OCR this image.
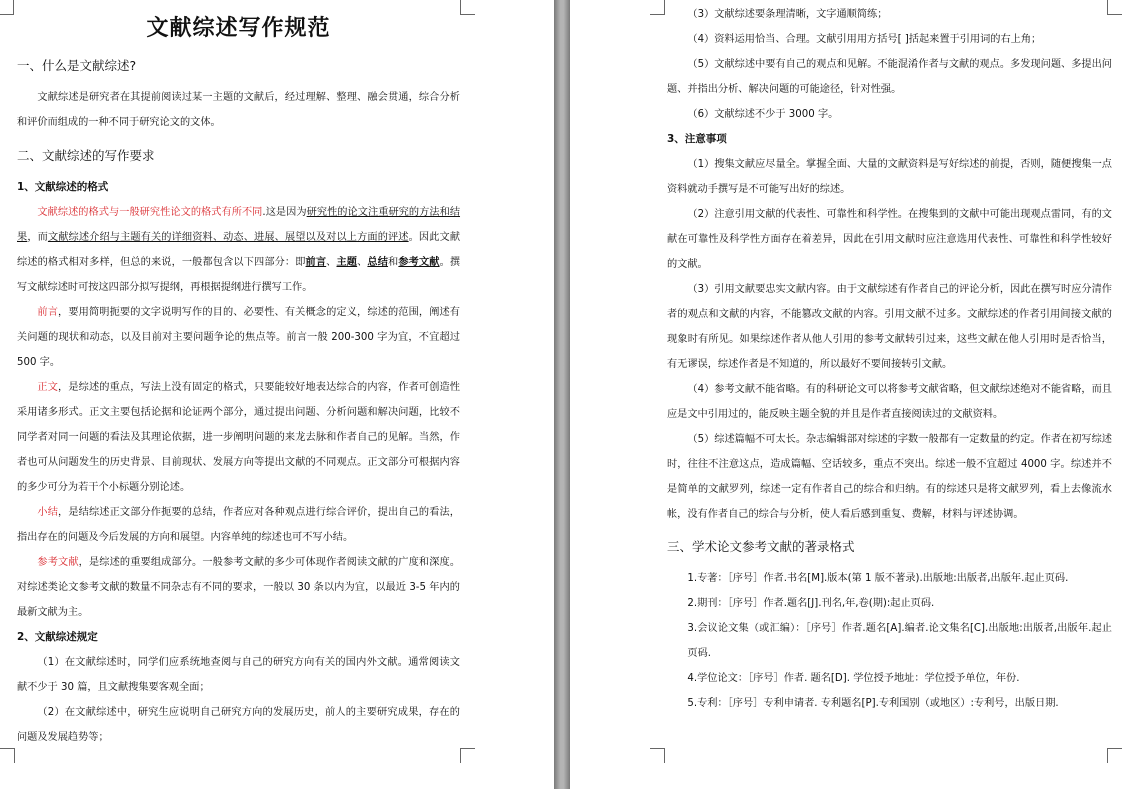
文献综述写作规范
一、什么是文献综述?

文献综述是研究者在其提前阅读过某一主题的文献后，经过理解、整理、融会贯通，综合分析和评价而组成的一种不同于研究论文的文体。

二、文献综述的写作要求
1、文献综述的格式

文献综述的格式与一般研究性论文的格式有所不同.这是因为研究性的论文注重研究的方法和结果，而文献综述介绍与主题有关的详细资料、动态、进展、展望以及对以上方面的评述。因此文献综述的格式相对多样，但总的来说，一般都包含以下四部分：即前言、主题、总结和参考文献。撰写文献综述时可按这四部分拟写提纲，再根据提纲进行撰写工作。

前言，要用简明扼要的文字说明写作的目的、必要性、有关概念的定义，综述的范围，阐述有关问题的现状和动态，以及目前对主要问题争论的焦点等。前言一般 200-300 字为宜，不宜超过 500 字。

正文，是综述的重点，写法上没有固定的格式，只要能较好地表达综合的内容，作者可创造性采用诸多形式。正文主要包括论据和论证两个部分，通过提出问题、分析问题和解决问题，比较不同学者对同一问题的看法及其理论依据，进一步阐明问题的来龙去脉和作者自己的见解。当然，作者也可从问题发生的历史背景、目前现状、发展方向等提出文献的不同观点。正文部分可根据内容的多少可分为若干个小标题分别论述。

小结，是结综述正文部分作扼要的总结，作者应对各种观点进行综合评价，提出自己的看法，指出存在的问题及今后发展的方向和展望。内容单纯的综述也可不写小结。

参考文献，是综述的重要组成部分。一般参考文献的多少可体现作者阅读文献的广度和深度。对综述类论文参考文献的数量不同杂志有不同的要求，一般以 30 条以内为宜，以最近 3-5 年内的最新文献为主。

2、文献综述规定

（1）在文献综述时，同学们应系统地查阅与自己的研究方向有关的国内外文献。通常阅读文献不少于 30 篇，且文献搜集要客观全面；

（2）在文献综述中，研究生应说明自己研究方向的发展历史，前人的主要研究成果，存在的问题及发展趋势等；

（3）文献综述要条理清晰，文字通顺简练；

（4）资料运用恰当、合理。文献引用用方括号[ ]括起来置于引用词的右上角；

（5）文献综述中要有自己的观点和见解。不能混淆作者与文献的观点。多发现问题、多提出问题、并指出分析、解决问题的可能途径，针对性强。

（6）文献综述不少于 3000 字。

3、注意事项

（1）搜集文献应尽量全。掌握全面、大量的文献资料是写好综述的前提，否则，随便搜集一点资料就动手撰写是不可能写出好的综述。

（2）注意引用文献的代表性、可靠性和科学性。在搜集到的文献中可能出现观点雷同，有的文献在可靠性及科学性方面存在着差异，因此在引用文献时应注意选用代表性、可靠性和科学性较好的文献。

（3）引用文献要忠实文献内容。由于文献综述有作者自己的评论分析，因此在撰写时应分清作者的观点和文献的内容，不能篡改文献的内容。引用文献不过多。文献综述的作者引用间接文献的现象时有所见。如果综述作者从他人引用的参考文献转引过来，这些文献在他人引用时是否恰当，有无谬误，综述作者是不知道的，所以最好不要间接转引文献。

（4）参考文献不能省略。有的科研论文可以将参考文献省略，但文献综述绝对不能省略，而且应是文中引用过的，能反映主题全貌的并且是作者直接阅读过的文献资料。

（5）综述篇幅不可太长。杂志编辑部对综述的字数一般都有一定数量的约定。作者在初写综述时，往往不注意这点，造成篇幅、空话较多，重点不突出。综述一般不宜超过 4000 字。综述并不是简单的文献罗列，综述一定有作者自己的综合和归纳。有的综述只是将文献罗列，看上去像流水帐，没有作者自己的综合与分析，使人看后感到重复、费解，材料与评述协调。

三、学术论文参考文献的著录格式

1.专著：［序号］作者.书名[M].版本(第 1 版不著录).出版地:出版者,出版年.起止页码.

2.期刊：［序号］作者.题名[J].刊名,年,卷(期):起止页码.

3.会议论文集（或汇编）：［序号］作者.题名[A].编者.论文集名[C].出版地:出版者,出版年.起止页码.

4.学位论文：［序号］作者. 题名[D]. 学位授予地址：学位授予单位，年份.

5.专利：［序号］专利申请者. 专利题名[P].专利国别（或地区）:专利号，出版日期.
